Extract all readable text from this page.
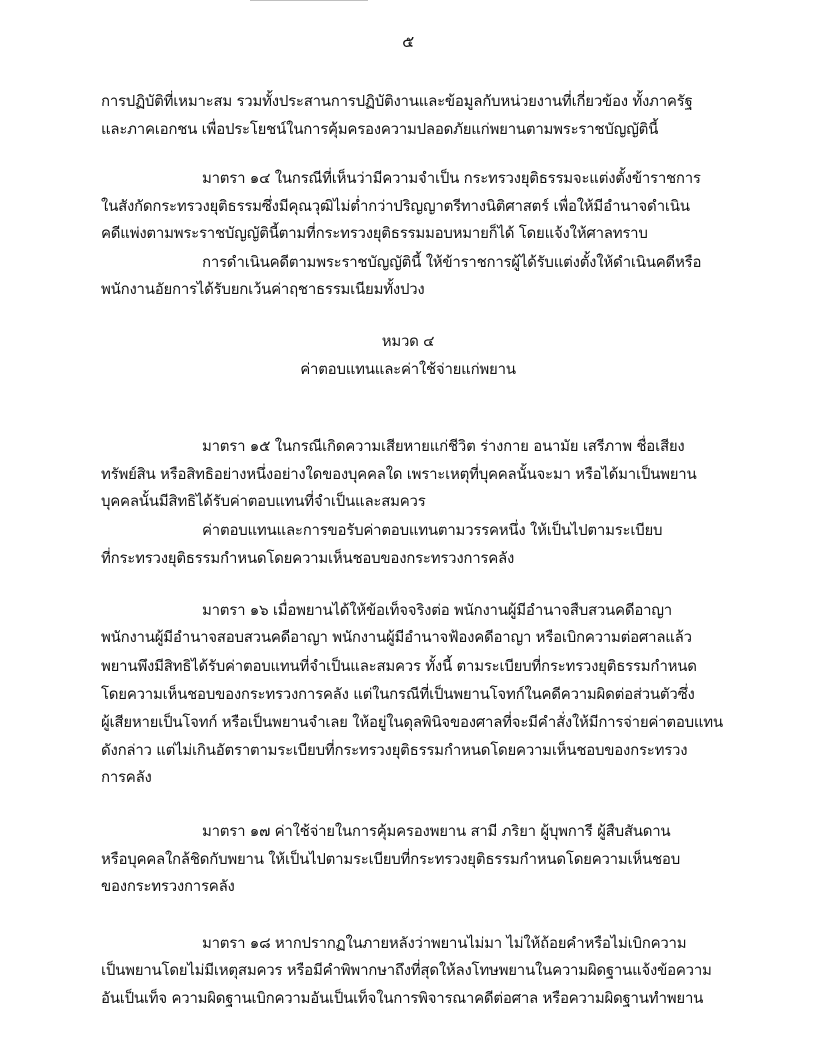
๕
การปฏิบัติที่เหมาะสม รวมทั้งประสานการปฏิบัติงานและข้อมูลกับหน่วยงานที่เกี่ยวข้อง ทั้งภาครัฐ
และภาคเอกชน เพื่อประโยชน์ในการคุ้มครองความปลอดภัยแก่พยานตามพระราชบัญญัตินี้
มาตรา ๑๔ ในกรณีที่เห็นว่ามีความจำเป็น กระทรวงยุติธรรมจะแต่งตั้งข้าราชการ
ในสังกัดกระทรวงยุติธรรมซึ่งมีคุณวุฒิไม่ต่ำกว่าปริญญาตรีทางนิติศาสตร์ เพื่อให้มีอำนาจดำเนิน
คดีแพ่งตามพระราชบัญญัตินี้ตามที่กระทรวงยุติธรรมมอบหมายก็ได้ โดยแจ้งให้ศาลทราบ
การดำเนินคดีตามพระราชบัญญัตินี้ ให้ข้าราชการผู้ได้รับแต่งตั้งให้ดำเนินคดีหรือ
พนักงานอัยการได้รับยกเว้นค่าฤชาธรรมเนียมทั้งปวง
หมวด ๔
ค่าตอบแทนและค่าใช้จ่ายแก่พยาน
มาตรา ๑๕ ในกรณีเกิดความเสียหายแก่ชีวิต ร่างกาย อนามัย เสรีภาพ ชื่อเสียง
ทรัพย์สิน หรือสิทธิอย่างหนึ่งอย่างใดของบุคคลใด เพราะเหตุที่บุคคลนั้นจะมา หรือได้มาเป็นพยาน
บุคคลนั้นมีสิทธิได้รับค่าตอบแทนที่จำเป็นและสมควร
ค่าตอบแทนและการขอรับค่าตอบแทนตามวรรคหนึ่ง ให้เป็นไปตามระเบียบ
ที่กระทรวงยุติธรรมกำหนดโดยความเห็นชอบของกระทรวงการคลัง
มาตรา ๑๖ เมื่อพยานได้ให้ข้อเท็จจริงต่อ พนักงานผู้มีอำนาจสืบสวนคดีอาญา
พนักงานผู้มีอำนาจสอบสวนคดีอาญา พนักงานผู้มีอำนาจฟ้องคดีอาญา หรือเบิกความต่อศาลแล้ว
พยานพึงมีสิทธิได้รับค่าตอบแทนที่จำเป็นและสมควร ทั้งนี้ ตามระเบียบที่กระทรวงยุติธรรมกำหนด
โดยความเห็นชอบของกระทรวงการคลัง แต่ในกรณีที่เป็นพยานโจทก์ในคดีความผิดต่อส่วนตัวซึ่ง
ผู้เสียหายเป็นโจทก์ หรือเป็นพยานจำเลย ให้อยู่ในดุลพินิจของศาลที่จะมีคำสั่งให้มีการจ่ายค่าตอบแทน
ดังกล่าว แต่ไม่เกินอัตราตามระเบียบที่กระทรวงยุติธรรมกำหนดโดยความเห็นชอบของกระทรวง
การคลัง
มาตรา ๑๗ ค่าใช้จ่ายในการคุ้มครองพยาน สามี ภริยา ผู้บุพการี ผู้สืบสันดาน
หรือบุคคลใกล้ชิดกับพยาน ให้เป็นไปตามระเบียบที่กระทรวงยุติธรรมกำหนดโดยความเห็นชอบ
ของกระทรวงการคลัง
มาตรา ๑๘ หากปรากฏในภายหลังว่าพยานไม่มา ไม่ให้ถ้อยคำหรือไม่เบิกความ
เป็นพยานโดยไม่มีเหตุสมควร หรือมีคำพิพากษาถึงที่สุดให้ลงโทษพยานในความผิดฐานแจ้งข้อความ
อันเป็นเท็จ ความผิดฐานเบิกความอันเป็นเท็จในการพิจารณาคดีต่อศาล หรือความผิดฐานทำพยาน
